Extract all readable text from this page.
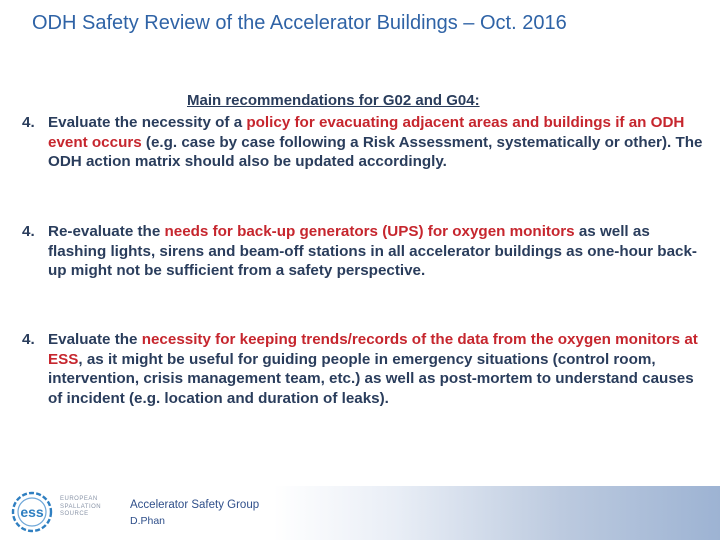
ODH Safety Review of the Accelerator Buildings – Oct. 2016
Main recommendations for G02 and G04:
4. Evaluate the necessity of a policy for evacuating adjacent areas and buildings if an ODH event occurs (e.g. case by case following a Risk Assessment, systematically or other). The ODH action matrix should also be updated accordingly.
4. Re-evaluate the needs for back-up generators (UPS) for oxygen monitors as well as flashing lights, sirens and beam-off stations in all accelerator buildings as one-hour back-up might not be sufficient from a safety perspective.
4. Evaluate the necessity for keeping trends/records of the data from the oxygen monitors at ESS, as it might be useful for guiding people in emergency situations (control room, intervention, crisis management team, etc.) as well as post-mortem to understand causes of incident (e.g. location and duration of leaks).
ess
EUROPEAN
SPALLATION
SOURCE
Accelerator Safety Group
D.Phan
